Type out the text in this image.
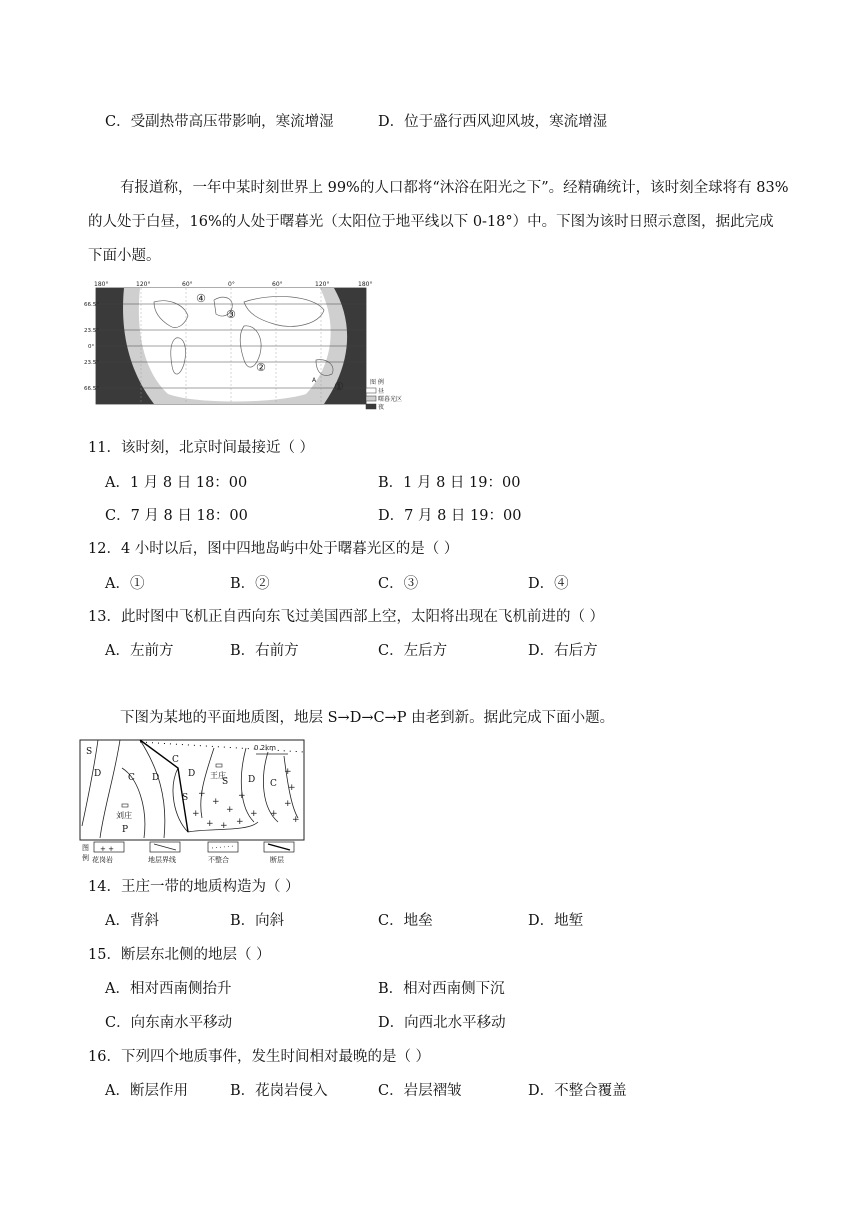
C．受副热带高压带影响，寒流增湿	D．位于盛行西风迎风坡，寒流增湿
有报道称，一年中某时刻世界上 99%的人口都将“沐浴在阳光之下”。经精确统计，该时刻全球将有 83%
的人处于白昼，16%的人处于曙暮光（太阳位于地平线以下 0-18°）中。下图为该时日照示意图，据此完成
下面小题。
180°	120°	60°	0°	60°	120°	180°
66.5°
23.5°
0°
23.5°
66.5°
④
③
②
①
A	图 例
昼
曙暮光区
夜
11．该时刻，北京时间最接近（ ）
A．1 月 8 日 18：00	B．1 月 8 日 19：00
C．7 月 8 日 18：00	D．7 月 8 日 19：00
12．4 小时以后，图中四地岛屿中处于曙暮光区的是（ ）
A．①	B．②	C．③	D．④
13．此时图中飞机正自西向东飞过美国西部上空，太阳将出现在飞机前进的（ ）
A．左前方	B．右前方	C．左后方	D．右后方
下图为某地的平面地质图，地层 S→D→C→P 由老到新。据此完成下面小题。
+
+
+
+
+ + +
+
+
+
+
+
+
+
0 2km
S
D	C
C
D
S
S D C
D
P
王庄
刘庄
图
例
+ +
花岗岩	地层界线	不整合	断层
14．王庄一带的地质构造为（ ）
A．背斜	B．向斜	C．地垒	D．地堑
15．断层东北侧的地层（ ）
A．相对西南侧抬升	B．相对西南侧下沉
C．向东南水平移动	D．向西北水平移动
16．下列四个地质事件，发生时间相对最晚的是（ ）
A．断层作用	B．花岗岩侵入	C．岩层褶皱	D．不整合覆盖
